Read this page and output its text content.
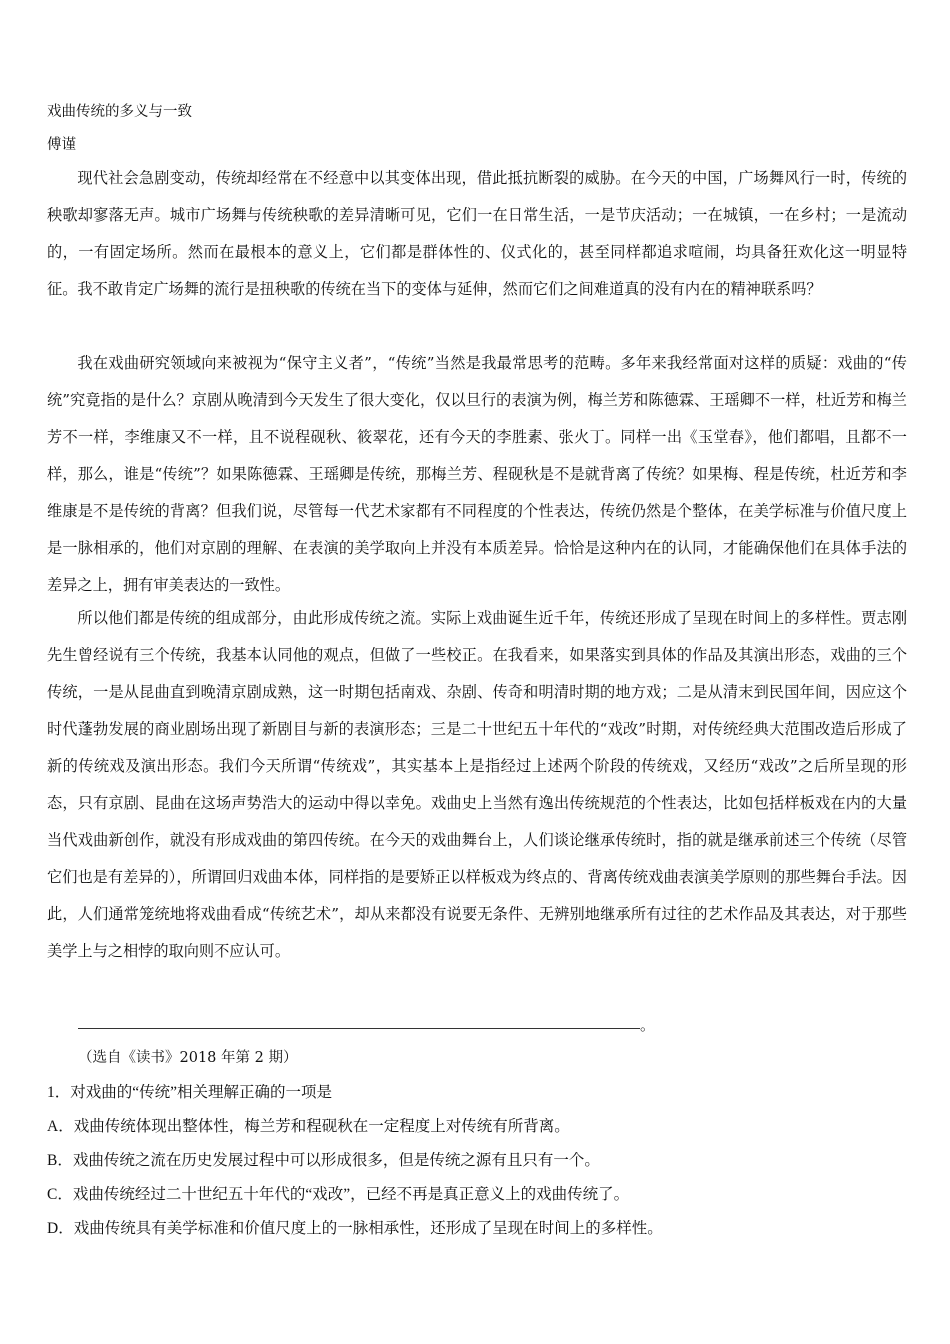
戏曲传统的多义与一致
傅谨

现代社会急剧变动，传统却经常在不经意中以其变体出现，借此抵抗断裂的威胁。在今天的中国，广场舞风行一时，传统的秧歌却寥落无声。城市广场舞与传统秧歌的差异清晰可见，它们一在日常生活，一是节庆活动；一在城镇，一在乡村；一是流动的，一有固定场所。然而在最根本的意义上，它们都是群体性的、仪式化的，甚至同样都追求喧闹，均具备狂欢化这一明显特征。我不敢肯定广场舞的流行是扭秧歌的传统在当下的变体与延伸，然而它们之间难道真的没有内在的精神联系吗？

我在戏曲研究领域向来被视为“保守主义者”，“传统”当然是我最常思考的范畴。多年来我经常面对这样的质疑：戏曲的“传统”究竟指的是什么？京剧从晚清到今天发生了很大变化，仅以旦行的表演为例，梅兰芳和陈德霖、王瑶卿不一样，杜近芳和梅兰芳不一样，李维康又不一样，且不说程砚秋、筱翠花，还有今天的李胜素、张火丁。同样一出《玉堂春》，他们都唱，且都不一样，那么，谁是“传统”？如果陈德霖、王瑶卿是传统，那梅兰芳、程砚秋是不是就背离了传统？如果梅、程是传统，杜近芳和李维康是不是传统的背离？但我们说，尽管每一代艺术家都有不同程度的个性表达，传统仍然是个整体，在美学标准与价值尺度上是一脉相承的，他们对京剧的理解、在表演的美学取向上并没有本质差异。恰恰是这种内在的认同，才能确保他们在具体手法的差异之上，拥有审美表达的一致性。

所以他们都是传统的组成部分，由此形成传统之流。实际上戏曲诞生近千年，传统还形成了呈现在时间上的多样性。贾志刚先生曾经说有三个传统，我基本认同他的观点，但做了一些校正。在我看来，如果落实到具体的作品及其演出形态，戏曲的三个传统，一是从昆曲直到晚清京剧成熟，这一时期包括南戏、杂剧、传奇和明清时期的地方戏；二是从清末到民国年间，因应这个时代蓬勃发展的商业剧场出现了新剧目与新的表演形态；三是二十世纪五十年代的“戏改”时期，对传统经典大范围改造后形成了新的传统戏及演出形态。我们今天所谓“传统戏”，其实基本上是指经过上述两个阶段的传统戏，又经历“戏改”之后所呈现的形态，只有京剧、昆曲在这场声势浩大的运动中得以幸免。戏曲史上当然有逸出传统规范的个性表达，比如包括样板戏在内的大量当代戏曲新创作，就没有形成戏曲的第四传统。在今天的戏曲舞台上，人们谈论继承传统时，指的就是继承前述三个传统（尽管它们也是有差异的），所谓回归戏曲本体，同样指的是要矫正以样板戏为终点的、背离传统戏曲表演美学原则的那些舞台手法。因此，人们通常笼统地将戏曲看成“传统艺术”，却从来都没有说要无条件、无辨别地继承所有过往的艺术作品及其表达，对于那些美学上与之相悖的取向则不应认可。

。
（选自《读书》2018 年第 2 期）
1．对戏曲的“传统”相关理解正确的一项是
A．戏曲传统体现出整体性，梅兰芳和程砚秋在一定程度上对传统有所背离。
B．戏曲传统之流在历史发展过程中可以形成很多，但是传统之源有且只有一个。
C．戏曲传统经过二十世纪五十年代的“戏改”，已经不再是真正意义上的戏曲传统了。
D．戏曲传统具有美学标准和价值尺度上的一脉相承性，还形成了呈现在时间上的多样性。
